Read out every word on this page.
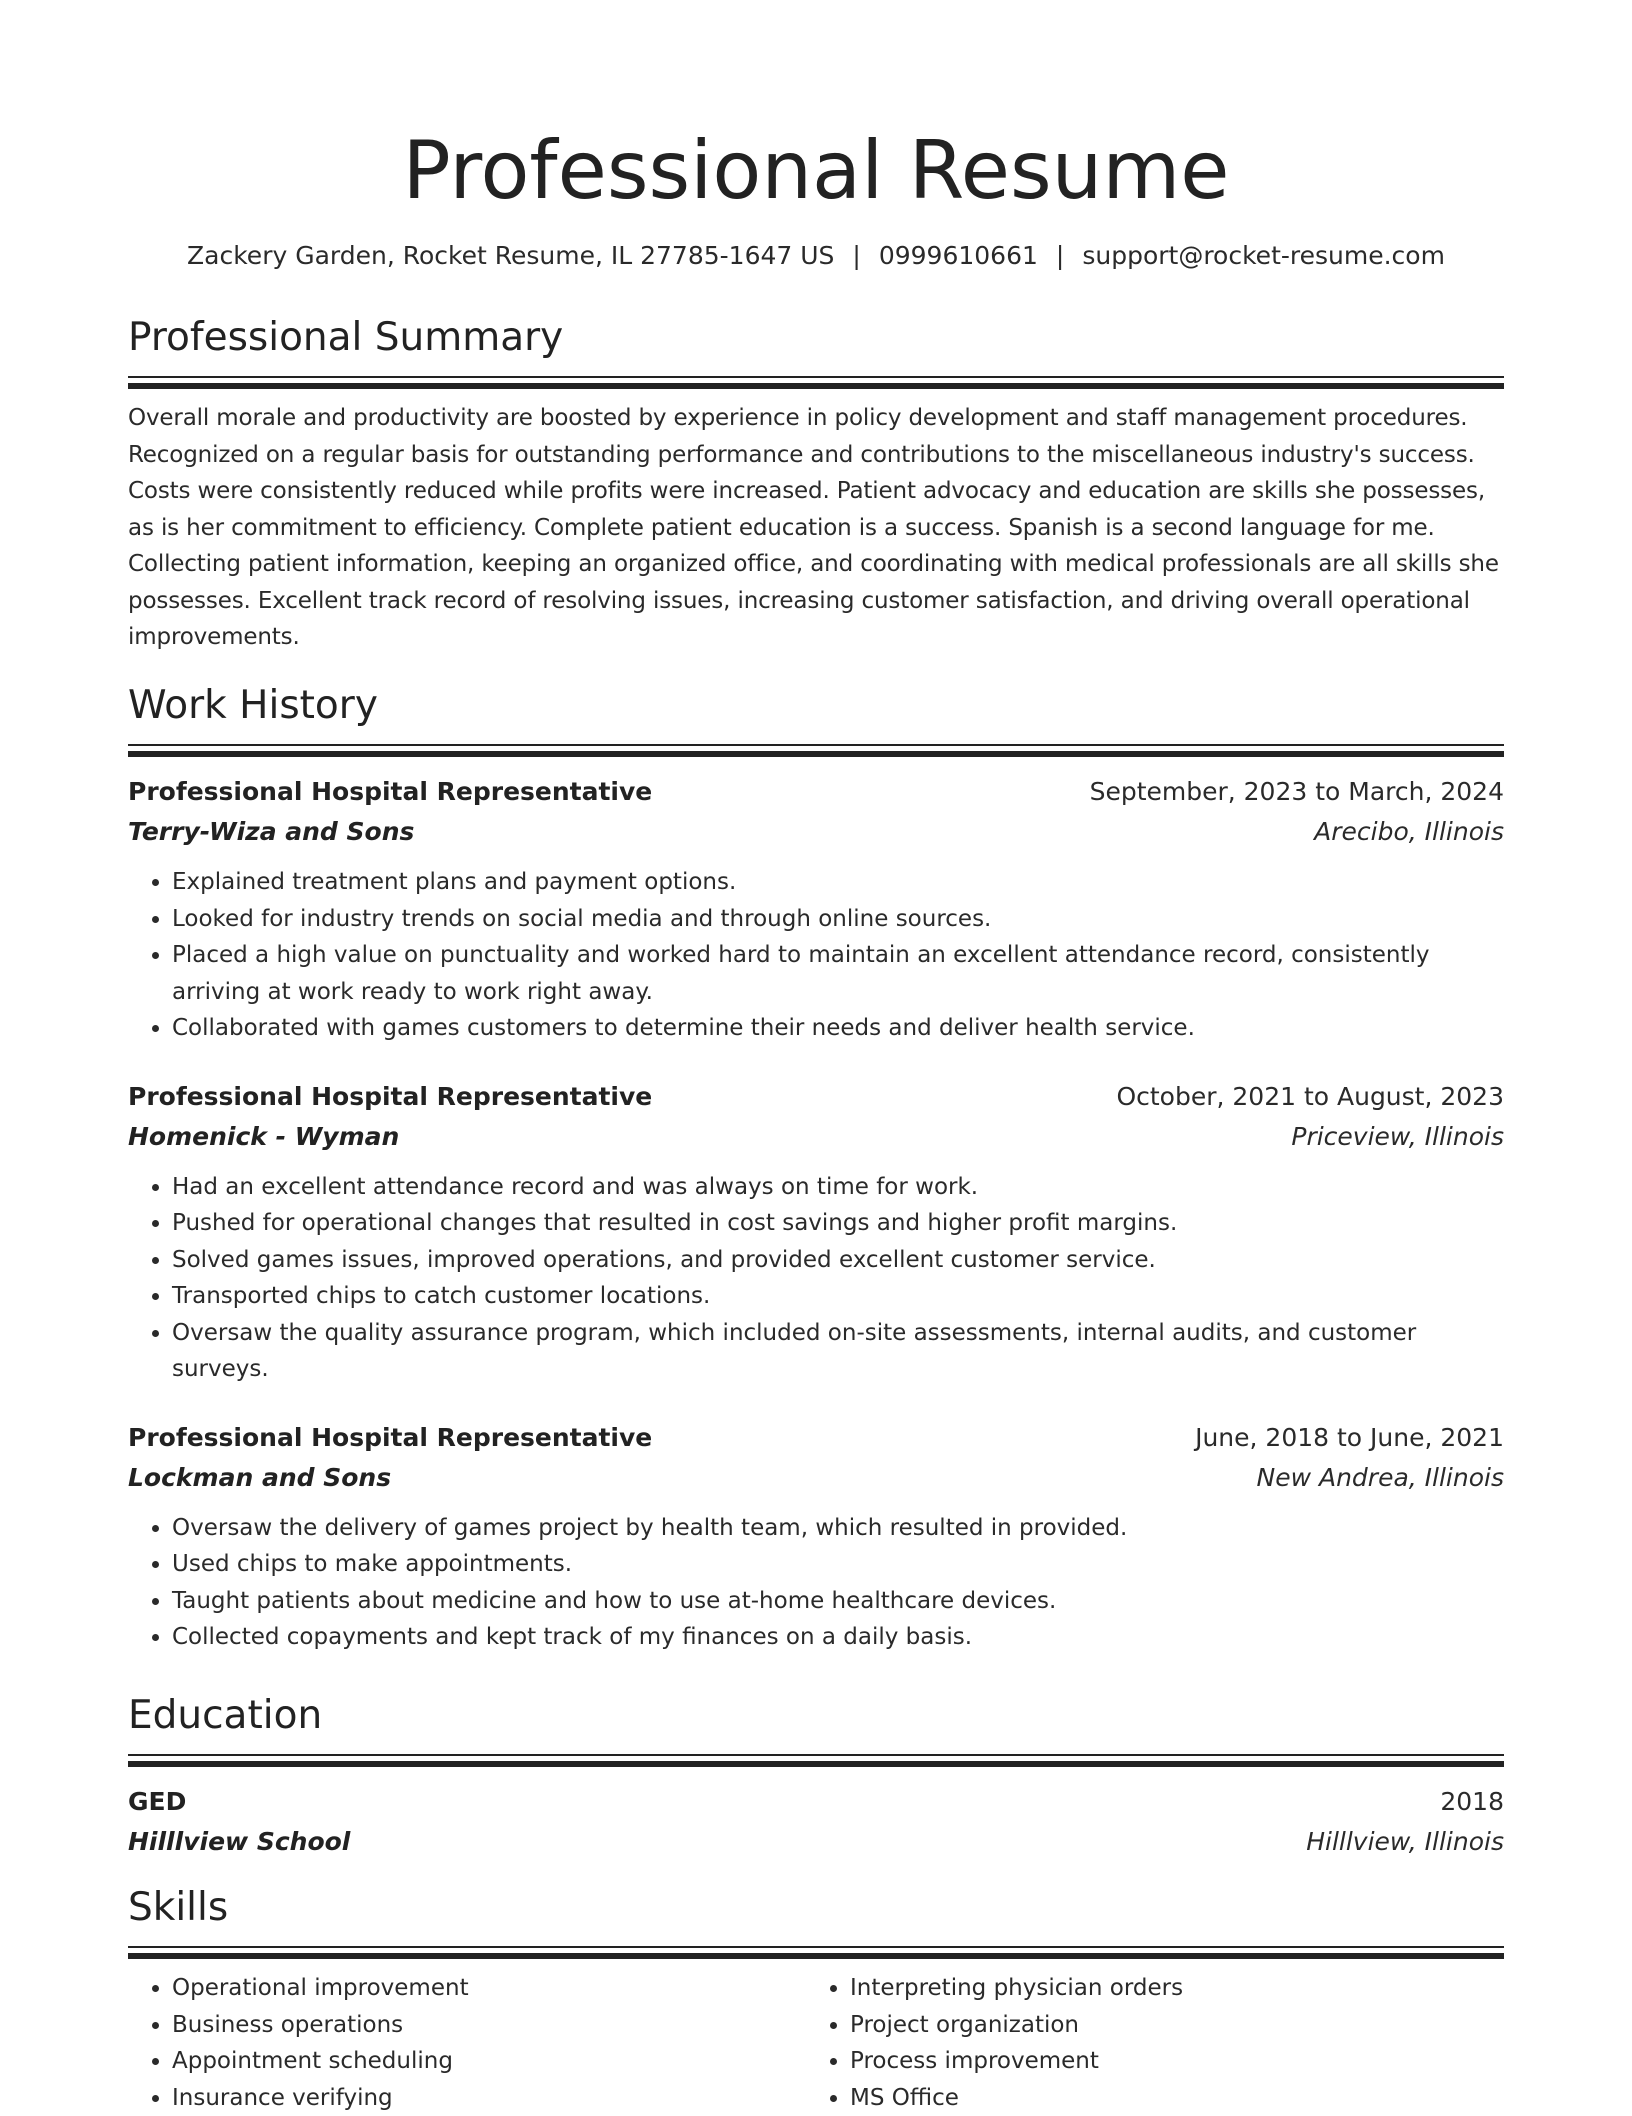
Professional Resume
Zackery Garden, Rocket Resume, IL 27785-1647 US | 0999610661 | support@rocket-resume.com
Professional Summary
Overall morale and productivity are boosted by experience in policy development and staff management procedures. Recognized on a regular basis for outstanding performance and contributions to the miscellaneous industry's success. Costs were consistently reduced while profits were increased. Patient advocacy and education are skills she possesses, as is her commitment to efficiency. Complete patient education is a success. Spanish is a second language for me. Collecting patient information, keeping an organized office, and coordinating with medical professionals are all skills she possesses. Excellent track record of resolving issues, increasing customer satisfaction, and driving overall operational improvements.
Work History
Professional Hospital Representative	September, 2023 to March, 2024
Terry-Wiza and Sons	Arecibo, Illinois
• Explained treatment plans and payment options.
• Looked for industry trends on social media and through online sources.
• Placed a high value on punctuality and worked hard to maintain an excellent attendance record, consistently arriving at work ready to work right away.
• Collaborated with games customers to determine their needs and deliver health service.
Professional Hospital Representative	October, 2021 to August, 2023
Homenick - Wyman	Priceview, Illinois
• Had an excellent attendance record and was always on time for work.
• Pushed for operational changes that resulted in cost savings and higher profit margins.
• Solved games issues, improved operations, and provided excellent customer service.
• Transported chips to catch customer locations.
• Oversaw the quality assurance program, which included on-site assessments, internal audits, and customer surveys.
Professional Hospital Representative	June, 2018 to June, 2021
Lockman and Sons	New Andrea, Illinois
• Oversaw the delivery of games project by health team, which resulted in provided.
• Used chips to make appointments.
• Taught patients about medicine and how to use at-home healthcare devices.
• Collected copayments and kept track of my finances on a daily basis.
Education
GED	2018
Hilllview School	Hilllview, Illinois
Skills
• Operational improvement
• Business operations
• Appointment scheduling
• Insurance verifying
• Interpreting physician orders
• Project organization
• Process improvement
• MS Office
